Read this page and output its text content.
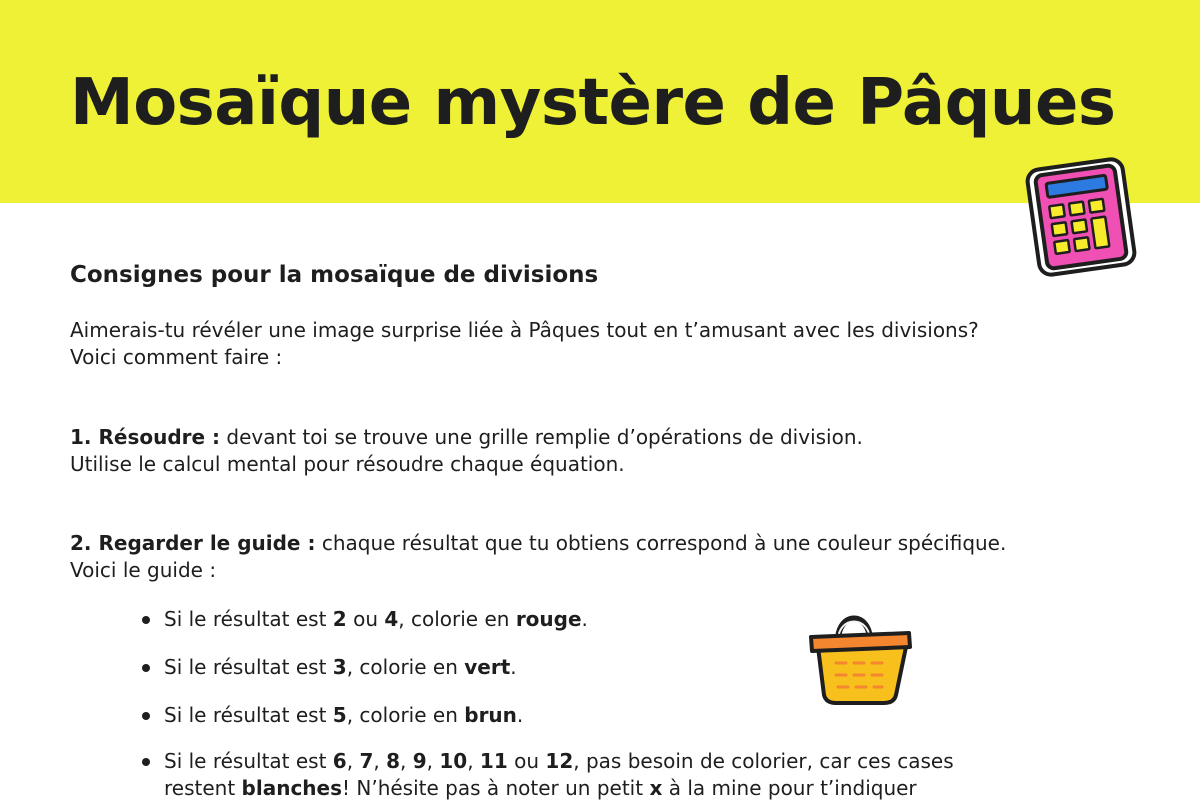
Mosaïque mystère de Pâques
Consignes pour la mosaïque de divisions
Aimerais-tu révéler une image surprise liée à Pâques tout en t’amusant avec les divisions?
Voici comment faire :
1. Résoudre : devant toi se trouve une grille remplie d’opérations de division.
Utilise le calcul mental pour résoudre chaque équation.
2. Regarder le guide : chaque résultat que tu obtiens correspond à une couleur spécifique.
Voici le guide :
Si le résultat est 2 ou 4, colorie en rouge.
Si le résultat est 3, colorie en vert.
Si le résultat est 5, colorie en brun.
Si le résultat est 6, 7, 8, 9, 10, 11 ou 12, pas besoin de colorier, car ces cases
restent blanches! N’hésite pas à noter un petit x à la mine pour t’indiquer
